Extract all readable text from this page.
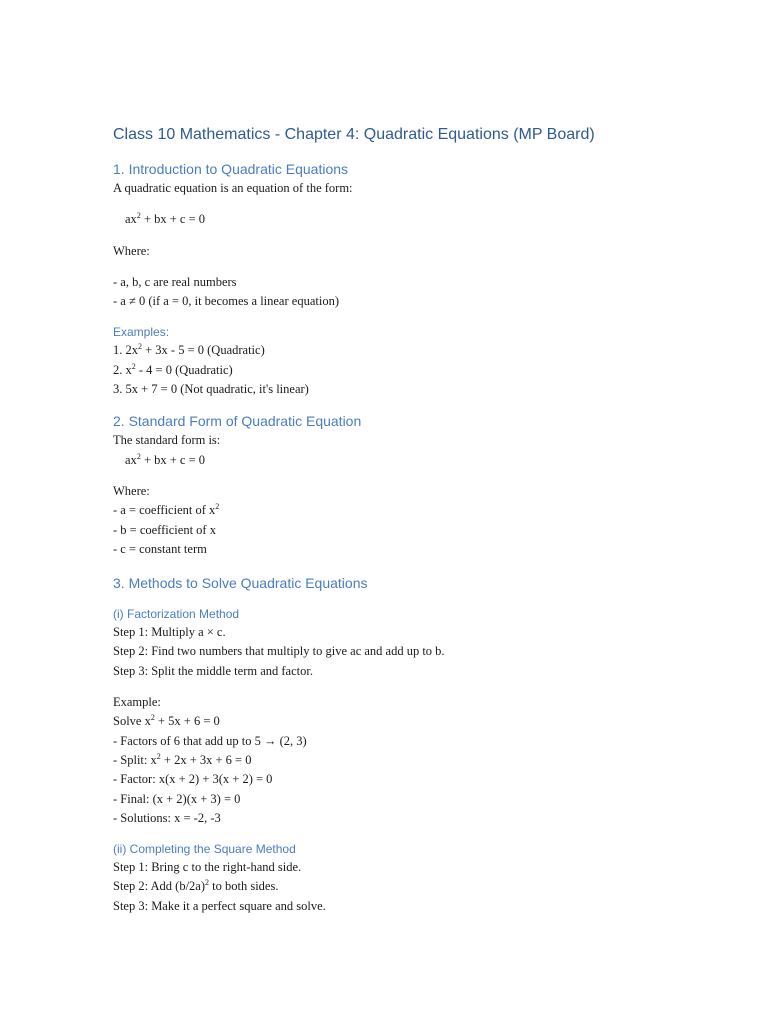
Class 10 Mathematics - Chapter 4: Quadratic Equations (MP Board)
1. Introduction to Quadratic Equations
A quadratic equation is an equation of the form:
$ax^2$ + bx + c = 0
Where:
- a, b, c are real numbers
- a ≠ 0 (if a = 0, it becomes a linear equation)
Examples:
1. $2x^2 + 3x - 5 = 0$ (Quadratic)
2. $x^2 - 4 = 0$ (Quadratic)
3. 5x + 7 = 0 (Not quadratic, it's linear)
2. Standard Form of Quadratic Equation
The standard form is:
$ax^2$ + bx + c = 0
Where:
- a = coefficient of $x^2$
- b = coefficient of x
- c = constant term
3. Methods to Solve Quadratic Equations
(i) Factorization Method
Step 1: Multiply a × c.
Step 2: Find two numbers that multiply to give ac and add up to b.
Step 3: Split the middle term and factor.
Example:
Solve $x^2 + 5x + 6 = 0$
- Factors of 6 that add up to 5 → (2, 3)
- Split: $x^2 + 2x + 3x + 6 = 0$
- Factor: x(x + 2) + 3(x + 2) = 0
- Final: (x + 2)(x + 3) = 0
- Solutions: x = -2, -3
(ii) Completing the Square Method
Step 1: Bring c to the right-hand side.
Step 2: Add $(b/2a)^2$ to both sides.
Step 3: Make it a perfect square and solve.
